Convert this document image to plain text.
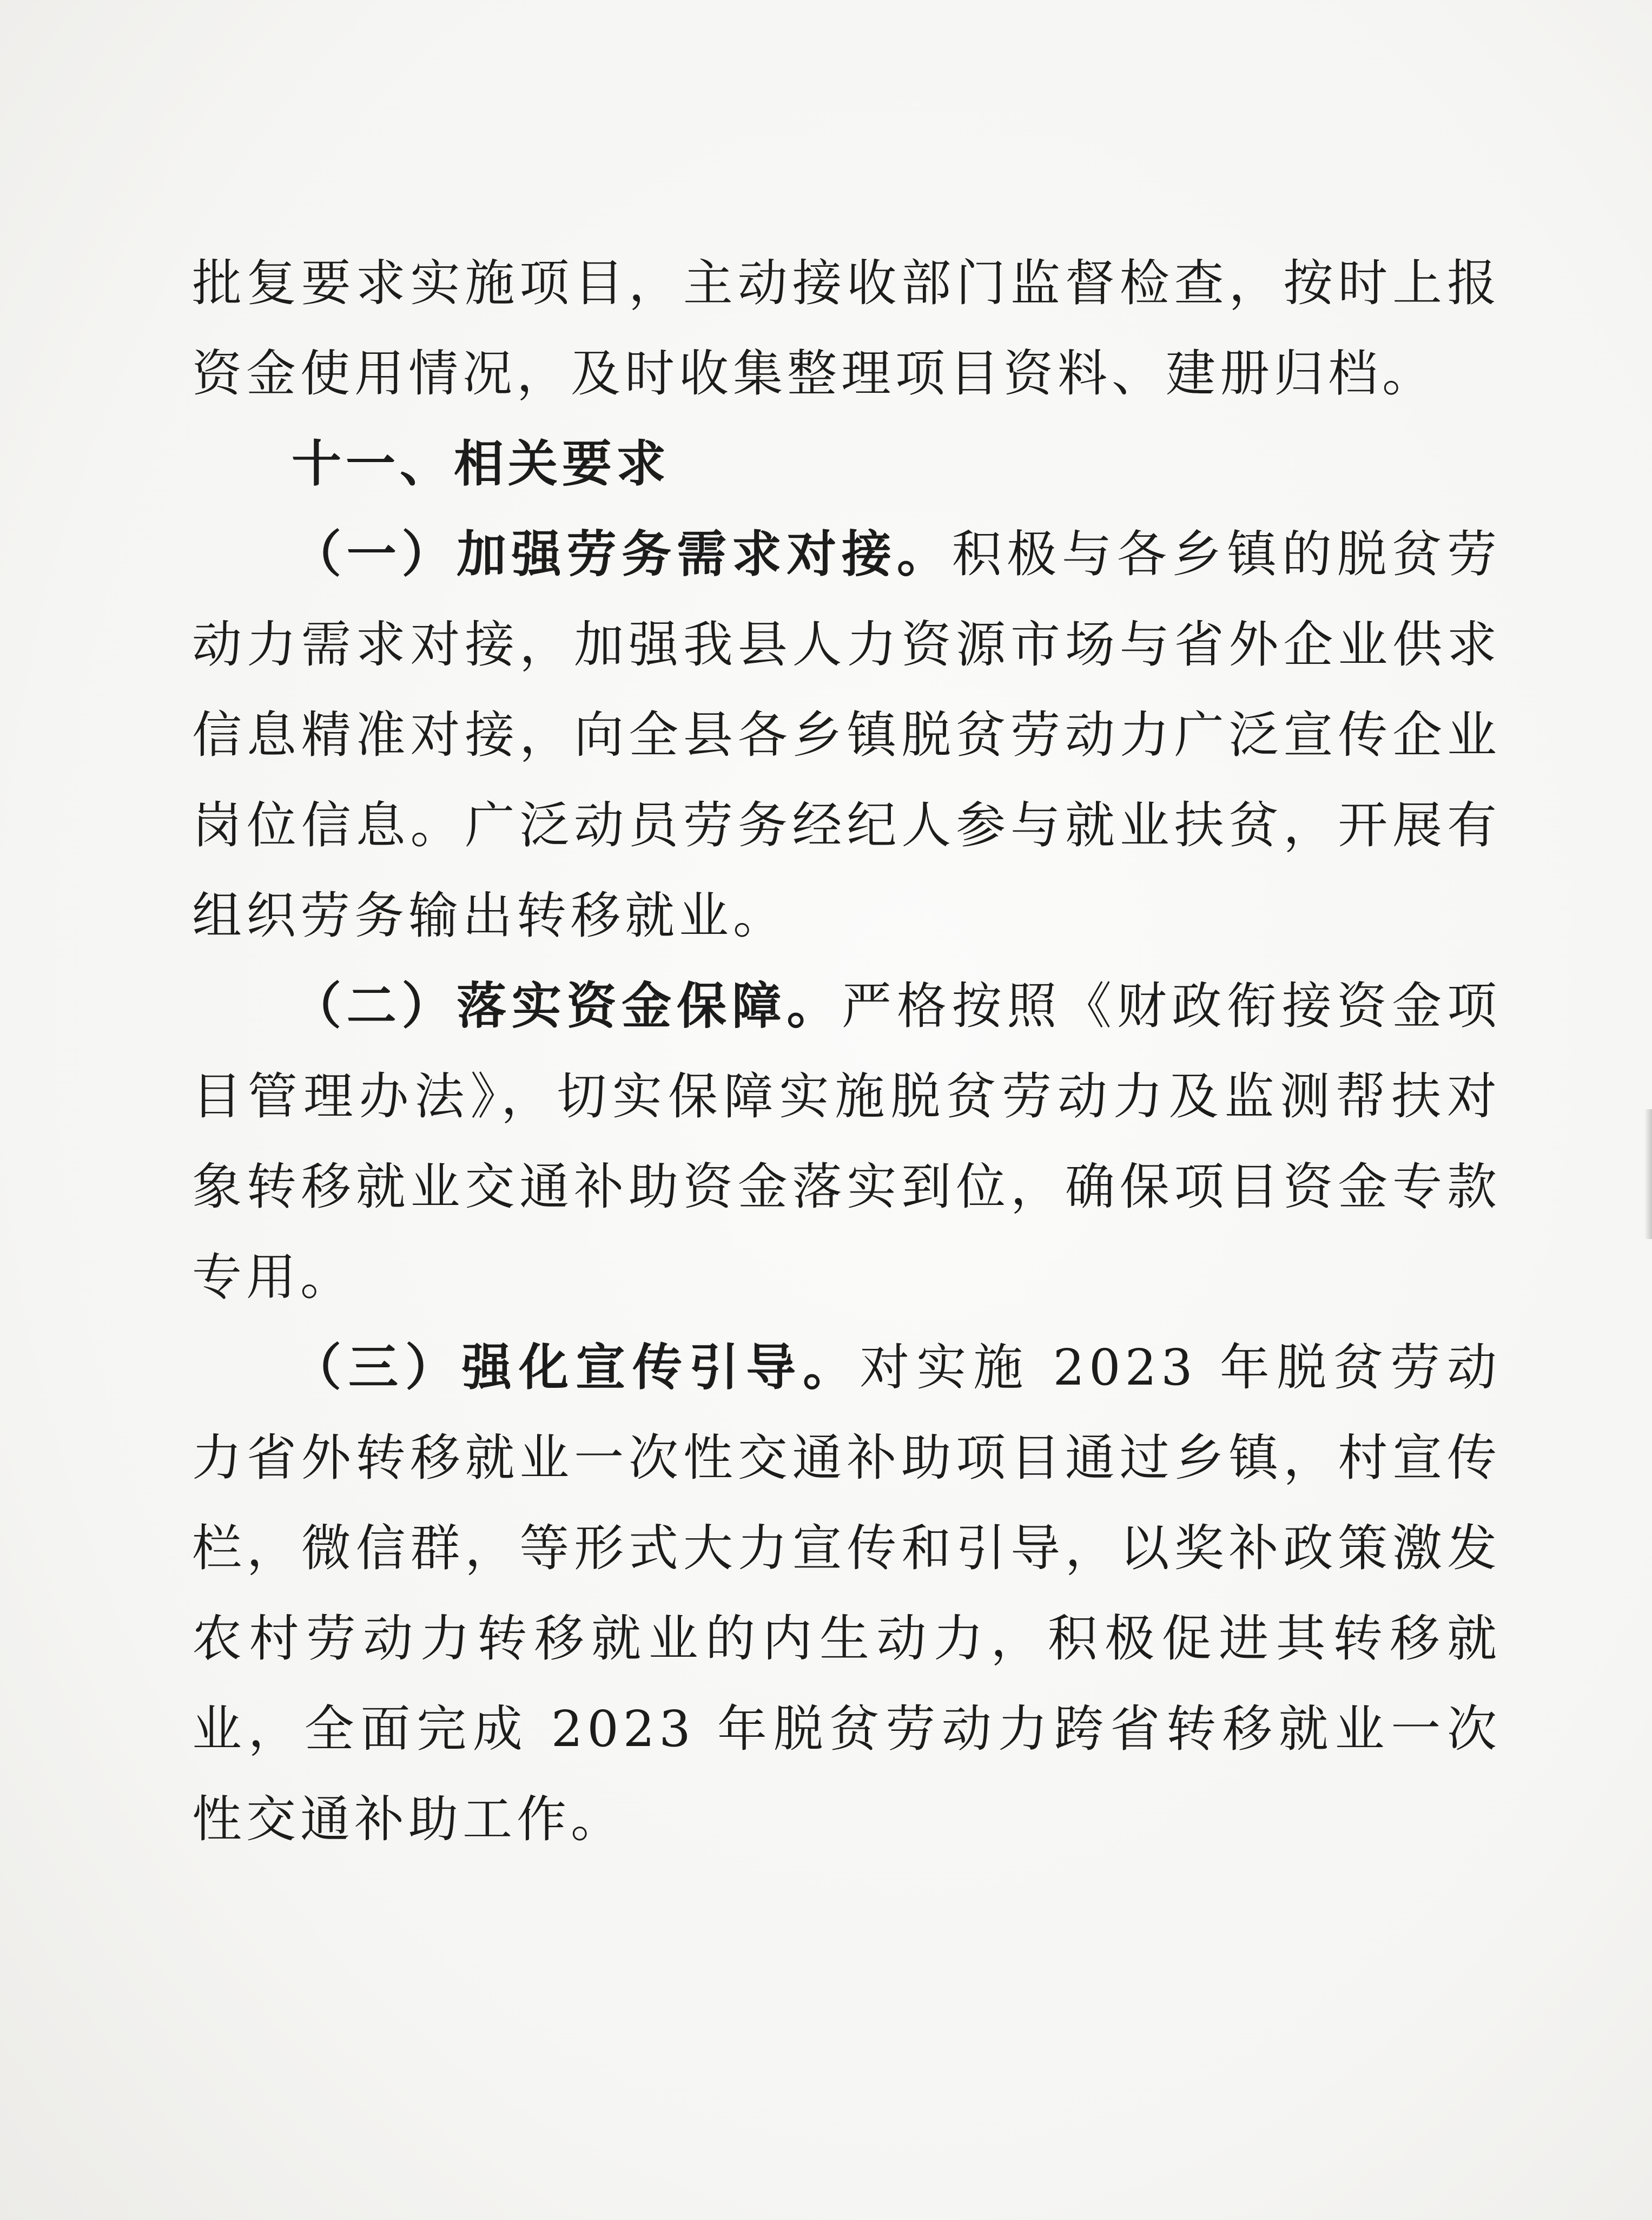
批复要求实施项目，主动接收部门监督检查，按时上报资金使用情况，及时收集整理项目资料、建册归档。

十一、相关要求

（一）加强劳务需求对接。积极与各乡镇的脱贫劳动力需求对接，加强我县人力资源市场与省外企业供求信息精准对接，向全县各乡镇脱贫劳动力广泛宣传企业岗位信息。广泛动员劳务经纪人参与就业扶贫，开展有组织劳务输出转移就业。

（二）落实资金保障。严格按照《财政衔接资金项目管理办法》，切实保障实施脱贫劳动力及监测帮扶对象转移就业交通补助资金落实到位，确保项目资金专款专用。

（三）强化宣传引导。对实施 2023 年脱贫劳动力省外转移就业一次性交通补助项目通过乡镇，村宣传栏，微信群，等形式大力宣传和引导，以奖补政策激发农村劳动力转移就业的内生动力，积极促进其转移就业，全面完成 2023 年脱贫劳动力跨省转移就业一次性交通补助工作。
